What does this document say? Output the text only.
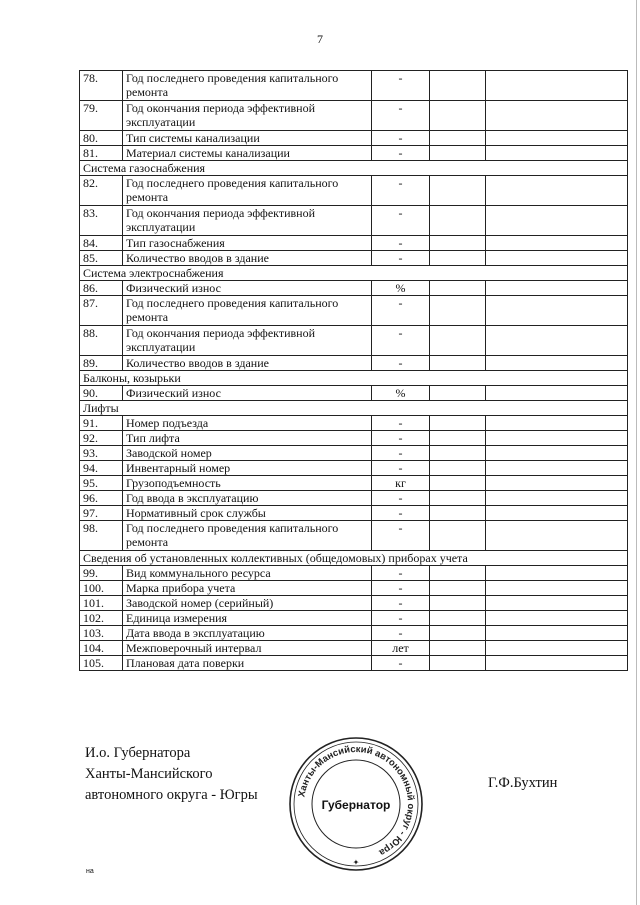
7
78.	Год последнего проведения капитального ремонта	-		
79.	Год окончания периода эффективной эксплуатации	-		
80.	Тип системы канализации	-		
81.	Материал системы канализации	-		
Система газоснабжения				
82.	Год последнего проведения капитального ремонта	-		
83.	Год окончания периода эффективной эксплуатации	-		
84.	Тип газоснабжения	-		
85.	Количество вводов в здание	-		
Система электроснабжения				
86.	Физический износ	%		
87.	Год последнего проведения капитального ремонта	-		
88.	Год окончания периода эффективной эксплуатации	-		
89.	Количество вводов в здание	-		
Балконы, козырьки				
90.	Физический износ	%		
Лифты				
91.	Номер подъезда	-		
92.	Тип лифта	-		
93.	Заводской номер	-		
94.	Инвентарный номер	-		
95.	Грузоподъемность	кг		
96.	Год ввода в эксплуатацию	-		
97.	Нормативный срок службы	-		
98.	Год последнего проведения капитального ремонта	-		
Сведения об установленных коллективных (общедомовых) приборах учета				
99.	Вид коммунального ресурса	-		
100.	Марка прибора учета	-		
101.	Заводской номер (серийный)	-		
102.	Единица измерения	-		
103.	Дата ввода в эксплуатацию	-		
104.	Межповерочный интервал	лет		
105.	Плановая дата поверки	-		
И.о. Губернатора
Ханты-Мансийского
автономного округа - Югры	Ханты-Мансийский автономный округ - Югра
Губернатор
✦
Г.Ф.Бухтин
на
